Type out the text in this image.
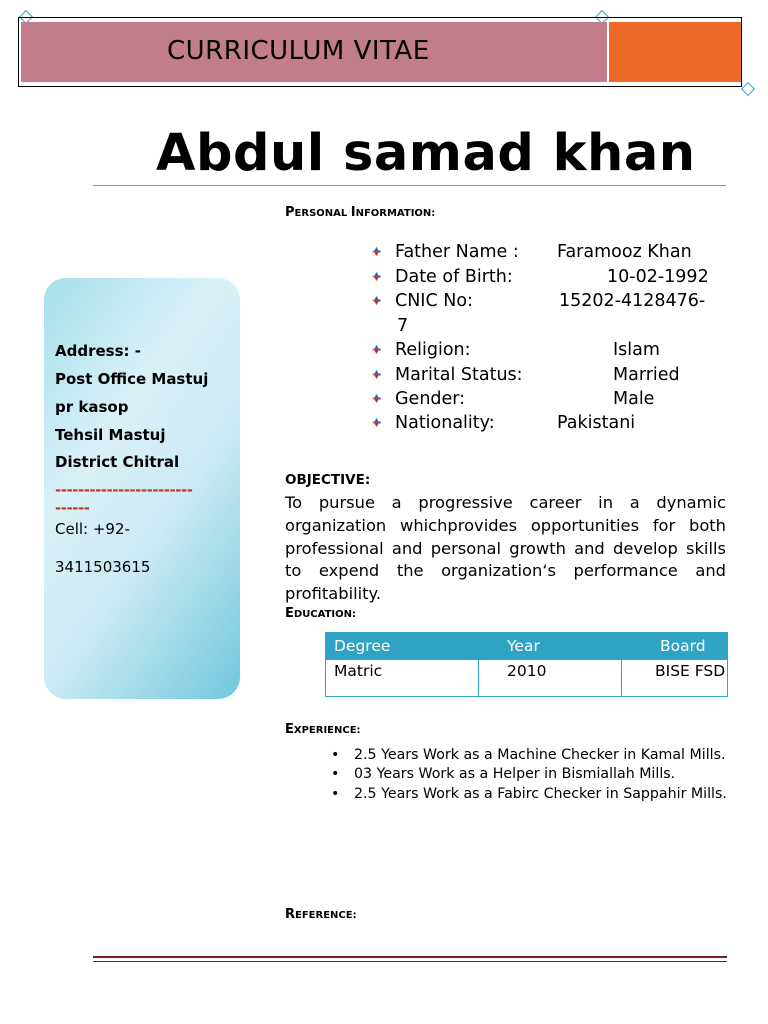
CURRICULUM VITAE
Abdul samad khan
PERSONAL INFORMATION:
Father Name : Faramooz Khan
Date of Birth:	10-02-1992
CNIC No:	15202-4128476-
7
Religion:	Islam
Marital Status:	Married
Gender:	Male
Nationality:	Pakistani
Address: -
Post Office Mastuj
pr kasop
Tehsil Mastuj
District Chitral
------------------------
------
Cell: +92-
3411503615
OBJECTIVE:
To pursue a progressive career in a dynamic organization whichprovides opportunities for both professional and personal growth and develop skills to expend the organization‘s performance and profitability.
EDUCATION:
Degree	Year	Board
Matric	2010	BISE FSD
EXPERIENCE:
• 2.5 Years Work as a Machine Checker in Kamal Mills.
• 03 Years Work as a Helper in Bismiallah Mills.
• 2.5 Years Work as a Fabirc Checker in Sappahir Mills.
REFERENCE:
